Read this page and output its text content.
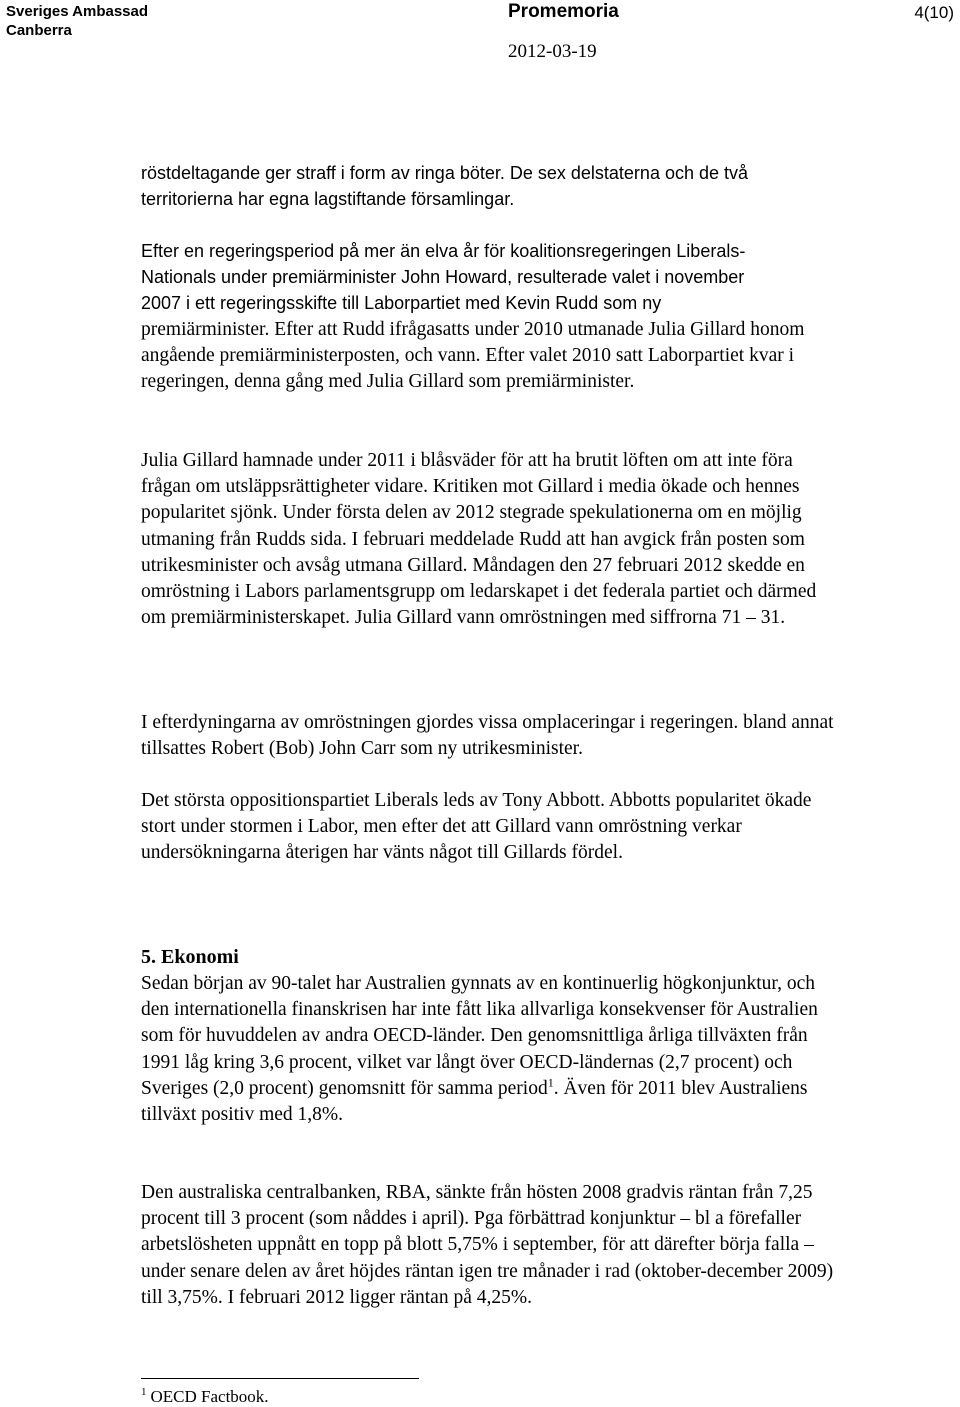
Sveriges Ambassad
Canberra
Promemoria
2012-03-19
4(10)
röstdeltagande ger straff i form av ringa böter. De sex delstaterna och de två
territorierna har egna lagstiftande församlingar.
Efter en regeringsperiod på mer än elva år för koalitionsregeringen Liberals-
Nationals under premiärminister John Howard, resulterade valet i november
2007 i ett regeringsskifte till Laborpartiet med Kevin Rudd som ny
premiärminister. Efter att Rudd ifrågasatts under 2010 utmanade Julia Gillard honom angående premiärministerposten, och vann. Efter valet 2010 satt Laborpartiet kvar i regeringen, denna gång med Julia Gillard som premiärminister.
Julia Gillard hamnade under 2011 i blåsväder för att ha brutit löften om att inte föra frågan om utsläppsrättigheter vidare. Kritiken mot Gillard i media ökade och hennes popularitet sjönk. Under första delen av 2012 stegrade spekulationerna om en möjlig utmaning från Rudds sida. I februari meddelade Rudd att han avgick från posten som utrikesminister och avsåg utmana Gillard. Måndagen den 27 februari 2012 skedde en omröstning i Labors parlamentsgrupp om ledarskapet i det federala partiet och därmed om premiärministerskapet. Julia Gillard vann omröstningen med siffrorna 71 – 31.
I efterdyningarna av omröstningen gjordes vissa omplaceringar i regeringen. bland annat tillsattes Robert (Bob) John Carr som ny utrikesminister.
Det största oppositionspartiet Liberals leds av Tony Abbott. Abbotts popularitet ökade stort under stormen i Labor, men efter det att Gillard vann omröstning verkar undersökningarna återigen har vänts något till Gillards fördel.
5. Ekonomi
Sedan början av 90-talet har Australien gynnats av en kontinuerlig högkonjunktur, och den internationella finanskrisen har inte fått lika allvarliga konsekvenser för Australien som för huvuddelen av andra OECD-länder. Den genomsnittliga årliga tillväxten från 1991 låg kring 3,6 procent, vilket var långt över OECD-ländernas (2,7 procent) och Sveriges (2,0 procent) genomsnitt för samma period$^1$. Även för 2011 blev Australiens tillväxt positiv med 1,8%.
Den australiska centralbanken, RBA, sänkte från hösten 2008 gradvis räntan från 7,25 procent till 3 procent (som nåddes i april). Pga förbättrad konjunktur – bl a förefaller arbetslösheten uppnått en topp på blott 5,75% i september, för att därefter börja falla – under senare delen av året höjdes räntan igen tre månader i rad (oktober-december 2009) till 3,75%. I februari 2012 ligger räntan på 4,25%.
$^1$ OECD Factbook.
